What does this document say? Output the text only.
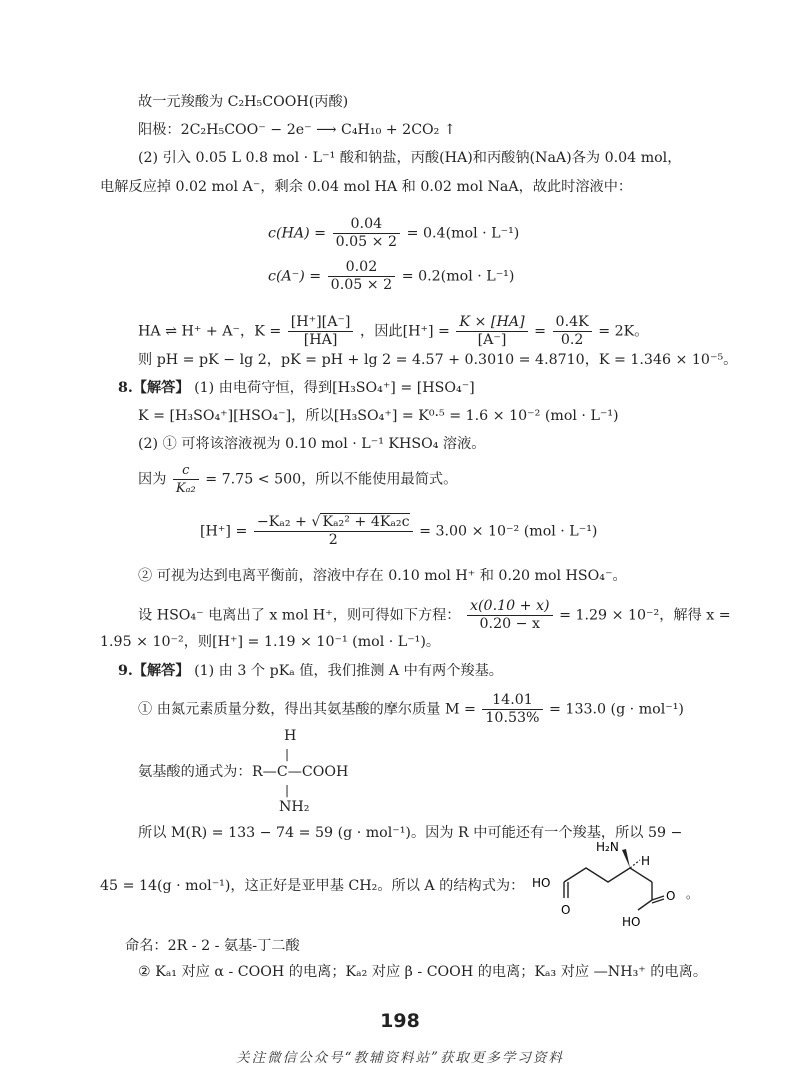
故一元羧酸为 C₂H₅COOH(丙酸)
阳极：2C₂H₅COO⁻ − 2e⁻ ⟶ C₄H₁₀ + 2CO₂ ↑
(2) 引入 0.05 L 0.8 mol · L⁻¹ 酸和钠盐，丙酸(HA)和丙酸钠(NaA)各为 0.04 mol，
电解反应掉 0.02 mol A⁻，剩余 0.04 mol HA 和 0.02 mol NaA，故此时溶液中：
$c(HA) = \frac{0.04}{0.05 \times 2} = 0.4(mol \cdot L^{-1})$
$c(A^-) = \frac{0.02}{0.05 \times 2} = 0.2(mol \cdot L^{-1})$
HA ⇌ H⁺ + A⁻，$K = \frac{[H^+][A^-]}{[HA]}$ ，因此$[H^+] = \frac{K \times [HA]}{[A^-]} = \frac{0.4K}{0.2} = 2K$。
则 pH = pK − lg 2，pK = pH + lg 2 = 4.57 + 0.3010 = 4.8710，K = 1.346 × 10⁻⁵。
8.【解答】 (1) 由电荷守恒，得到[H₃SO₄⁺] = [HSO₄⁻]
K = [H₃SO₄⁺][HSO₄⁻]，所以[H₃SO₄⁺] = K⁰·⁵ = 1.6 × 10⁻² (mol · L⁻¹)
(2) ① 可将该溶液视为 0.10 mol · L⁻¹ KHSO₄ 溶液。
因为 $\frac{c}{\text{Kₐ₂}} = 7.75 < 500$，所以不能使用最简式。
$[H^+] = \frac{\text{−Kₐ₂ + √ Kₐ₂² + 4Kₐ₂c}}{2} = 3.00 \times 10^{-2}$ (mol · L⁻¹)
② 可视为达到电离平衡前，溶液中存在 0.10 mol H⁺ 和 0.20 mol HSO₄⁻。
设 HSO₄⁻ 电离出了 x mol H⁺，则可得如下方程： $\frac{x(0.10 + x)}{0.20 - x} = 1.29 \times 10^{-2}$，解得 x =
1.95 × 10⁻²，则[H⁺] = 1.19 × 10⁻¹ (mol · L⁻¹)。
9.【解答】 (1) 由 3 个 pKₐ 值，我们推测 A 中有两个羧基。
① 由氮元素质量分数，得出其氨基酸的摩尔质量 $M = \frac{14.01}{10.53\%} = 133.0$ (g · mol⁻¹)
H
|
氨基酸的通式为： R—C—COOH
|
NH₂
所以 M(R) = 133 − 74 = 59 (g · mol⁻¹)。因为 R 中可能还有一个羧基，所以 59 −
45 = 14(g · mol⁻¹)，这正好是亚甲基 CH₂。所以 A 的结构式为：
H₂N
H
HO
O
O
HO
。
命名：2R - 2 - 氨基-丁二酸
② Kₐ₁ 对应 α - COOH 的电离；Kₐ₂ 对应 β - COOH 的电离；Kₐ₃ 对应 —NH₃⁺ 的电离。
198
关注微信公众号“教辅资料站”获取更多学习资料
